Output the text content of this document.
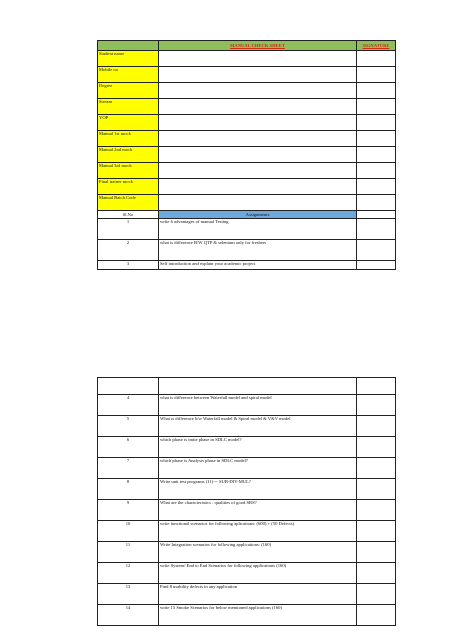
	MANUAL CHECK SHEET	SIGNATURE
Student name		
Mobile no		
Degree		
Stream		
YOP		
Manual 1st mock		
Manual 2nd mock		
Manual 3rd mock		
Final trainer mock		
Manual Batch Code		
Sl.No	Assignments	
1	write 6 advantages of manual Testing	
2	what is difference B/W QTP & selenium only for freshers	
3	Self introduction and explain your academic project	

4	what is difference between Waterfall model and spiral model	
5	What is difference b/w Waterfall model & Spiral model & V&V model	
6	which phase is imite phase in SDLC model?	
7	which phase is Analysis phase in SDLC model?	
8	Write unit test programs (11)--- SUB-DIV-MUL?	
9	What are the characteristics : qualities of good SRS?	
10	write functional scenarios for following aplications: (600) + (50 Defects)	
11	Write Integration scenarios for following applications: (160)	
12	write System/ End to End Scenarios for following applications (160)	
13	Find 8 usability defects in any application	
14	write 15 Smoke Scenarios for below mentioned applications (160)	
